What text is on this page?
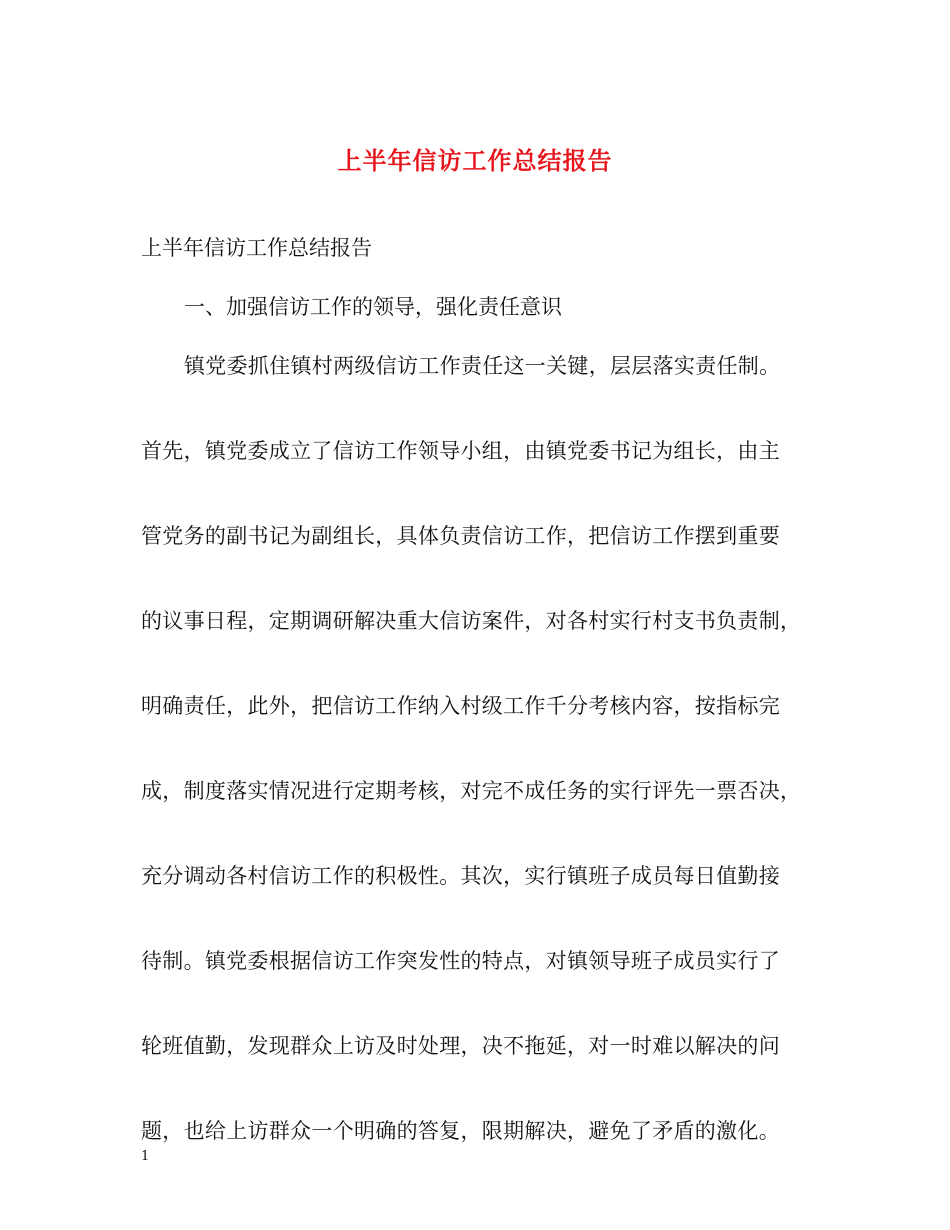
上半年信访工作总结报告
上半年信访工作总结报告
一、加强信访工作的领导，强化责任意识
镇党委抓住镇村两级信访工作责任这一关键，层层落实责任制。
首先，镇党委成立了信访工作领导小组，由镇党委书记为组长，由主
管党务的副书记为副组长，具体负责信访工作，把信访工作摆到重要
的议事日程，定期调研解决重大信访案件，对各村实行村支书负责制，
明确责任，此外，把信访工作纳入村级工作千分考核内容，按指标完
成，制度落实情况进行定期考核，对完不成任务的实行评先一票否决，
充分调动各村信访工作的积极性。其次，实行镇班子成员每日值勤接
待制。镇党委根据信访工作突发性的特点，对镇领导班子成员实行了
轮班值勤，发现群众上访及时处理，决不拖延，对一时难以解决的问
题，也给上访群众一个明确的答复，限期解决，避免了矛盾的激化。
1
